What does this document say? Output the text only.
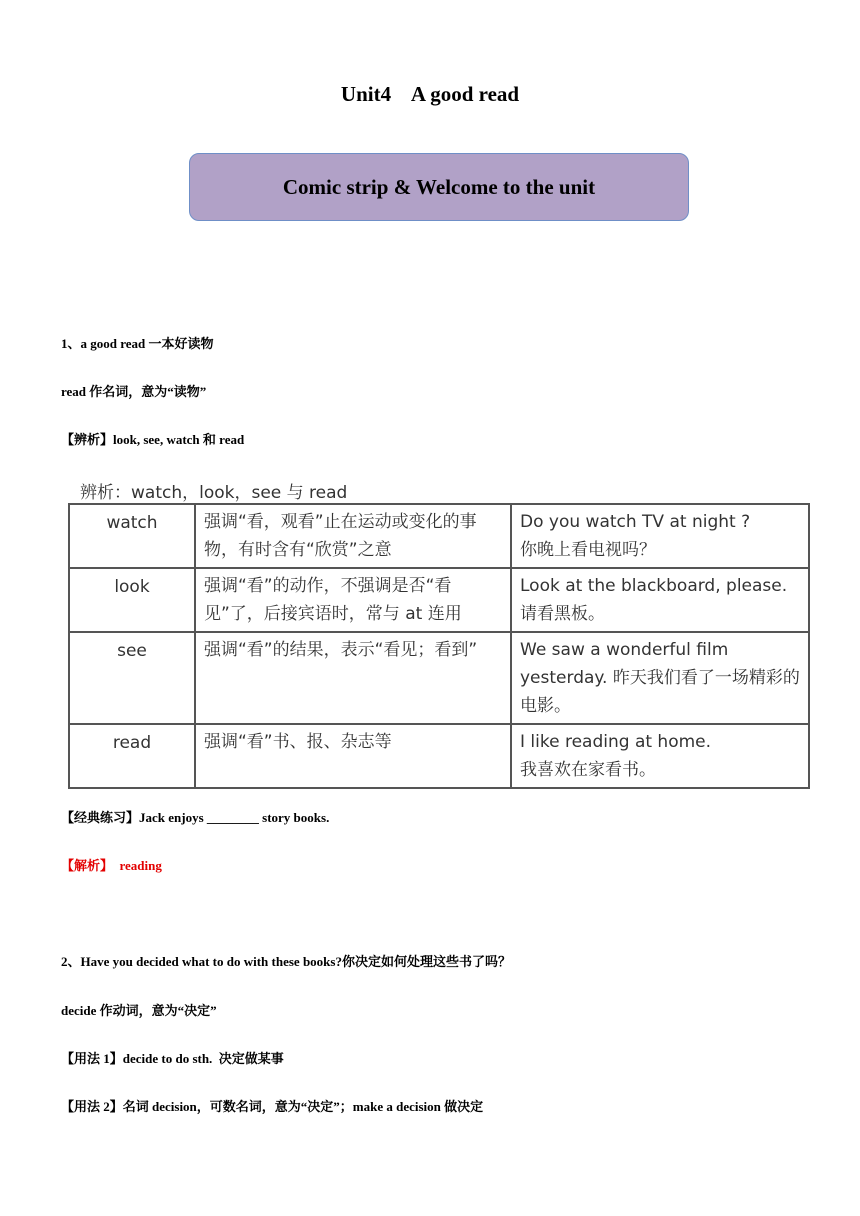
Unit4    A good read
Comic strip & Welcome to the unit
1、a good read 一本好读物
read 作名词，意为“读物”
【辨析】look, see, watch 和 read
辨析：watch，look，see 与 read
watch	强调“看，观看”止在运动或变化的事物，有时含有“欣赏”之意	Do you watch TV at night ?
你晚上看电视吗？

look	强调“看”的动作，不强调是否“看见”了，后接宾语时，常与 at 连用	Look at the blackboard, please.
请看黑板。

see	强调“看”的结果，表示“看见；看到”	We saw a wonderful film yesterday. 昨天我们看了一场精彩的电影。
read	强调“看”书、报、杂志等	I like reading at home.
我喜欢在家看书。
【经典练习】Jack enjoys ________ story books.
【解析】  reading
2、Have you decided what to do with these books?你决定如何处理这些书了吗？
decide 作动词，意为“决定”
【用法 1】decide to do sth.  决定做某事
【用法 2】名词 decision，可数名词，意为“决定”；make a decision 做决定
